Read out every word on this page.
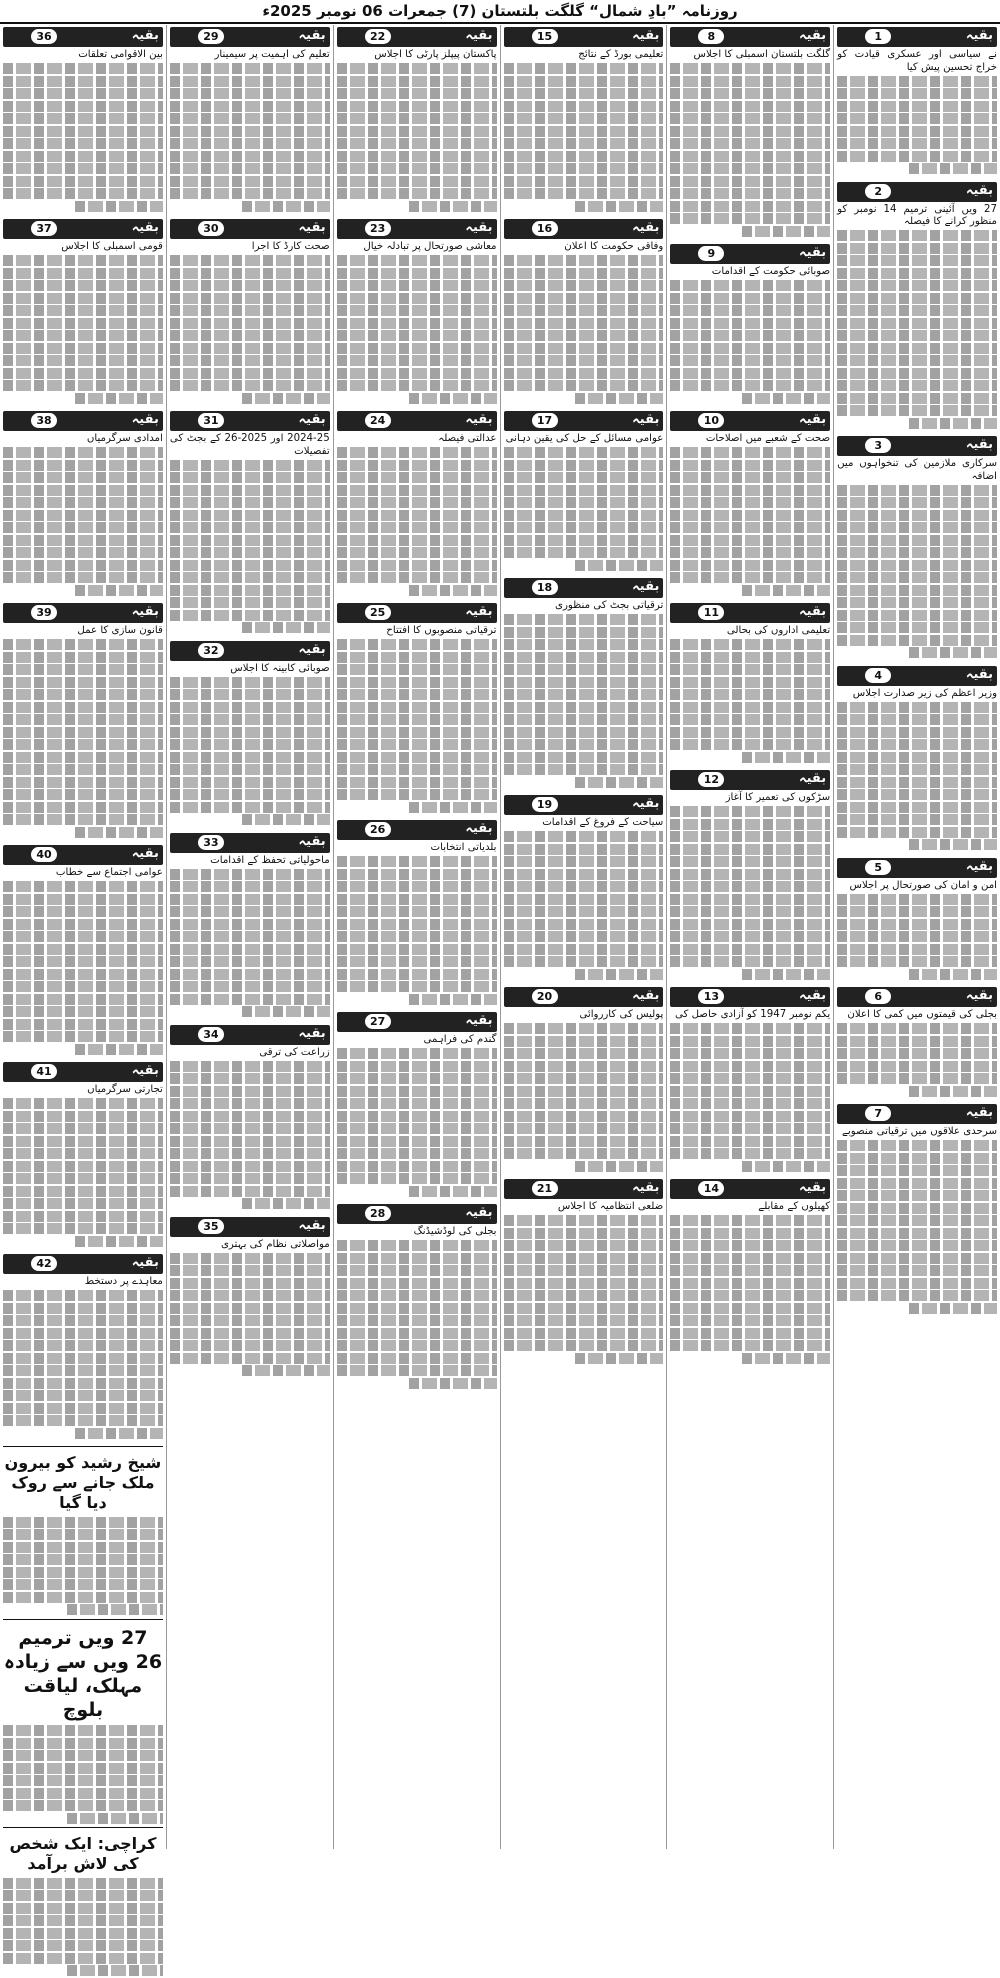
روزنامہ ”بادِ شمال“ گلگت بلتستان (7) جمعرات 06 نومبر 2025ء
بقیہ
1
نے سیاسی اور عسکری قیادت کو خراج تحسین پیش کیا
بقیہ
2
27 ویں آئینی ترمیم 14 نومبر کو منظور کرانے کا فیصلہ
بقیہ
3
سرکاری ملازمین کی تنخواہوں میں اضافہ
بقیہ
4
وزیر اعظم کی زیر صدارت اجلاس
بقیہ
5
امن و امان کی صورتحال پر اجلاس
بقیہ
6
بجلی کی قیمتوں میں کمی کا اعلان
بقیہ
7
سرحدی علاقوں میں ترقیاتی منصوبے
بقیہ
8
گلگت بلتستان اسمبلی کا اجلاس
بقیہ
9
صوبائی حکومت کے اقدامات
بقیہ
10
صحت کے شعبے میں اصلاحات
بقیہ
11
تعلیمی اداروں کی بحالی
بقیہ
12
سڑکوں کی تعمیر کا آغاز
بقیہ
13
یکم نومبر 1947 کو آزادی حاصل کی
بقیہ
14
کھیلوں کے مقابلے
بقیہ
15
تعلیمی بورڈ کے نتائج
بقیہ
16
وفاقی حکومت کا اعلان
بقیہ
17
عوامی مسائل کے حل کی یقین دہانی
بقیہ
18
ترقیاتی بجٹ کی منظوری
بقیہ
19
سیاحت کے فروغ کے اقدامات
بقیہ
20
پولیس کی کارروائی
بقیہ
21
ضلعی انتظامیہ کا اجلاس
بقیہ
22
پاکستان پیپلز پارٹی کا اجلاس
بقیہ
23
معاشی صورتحال پر تبادلہ خیال
بقیہ
24
عدالتی فیصلہ
بقیہ
25
ترقیاتی منصوبوں کا افتتاح
بقیہ
26
بلدیاتی انتخابات
بقیہ
27
گندم کی فراہمی
بقیہ
28
بجلی کی لوڈشیڈنگ
بقیہ
29
تعلیم کی اہمیت پر سیمینار
بقیہ
30
صحت کارڈ کا اجرا
بقیہ
31
2024-25 اور 2025-26 کے بجٹ کی تفصیلات
بقیہ
32
صوبائی کابینہ کا اجلاس
بقیہ
33
ماحولیاتی تحفظ کے اقدامات
بقیہ
34
زراعت کی ترقی
بقیہ
35
مواصلاتی نظام کی بہتری
بقیہ
36
بین الاقوامی تعلقات
بقیہ
37
قومی اسمبلی کا اجلاس
بقیہ
38
امدادی سرگرمیاں
بقیہ
39
قانون سازی کا عمل
بقیہ
40
عوامی اجتماع سے خطاب
بقیہ
41
تجارتی سرگرمیاں
بقیہ
42
معاہدے پر دستخط
شیخ رشید کو بیرون ملک جانے سے روک دیا گیا
27 ویں ترمیم 26 ویں سے زیادہ مہلک، لیاقت بلوچ
کراچی: ایک شخص کی لاش برآمد
